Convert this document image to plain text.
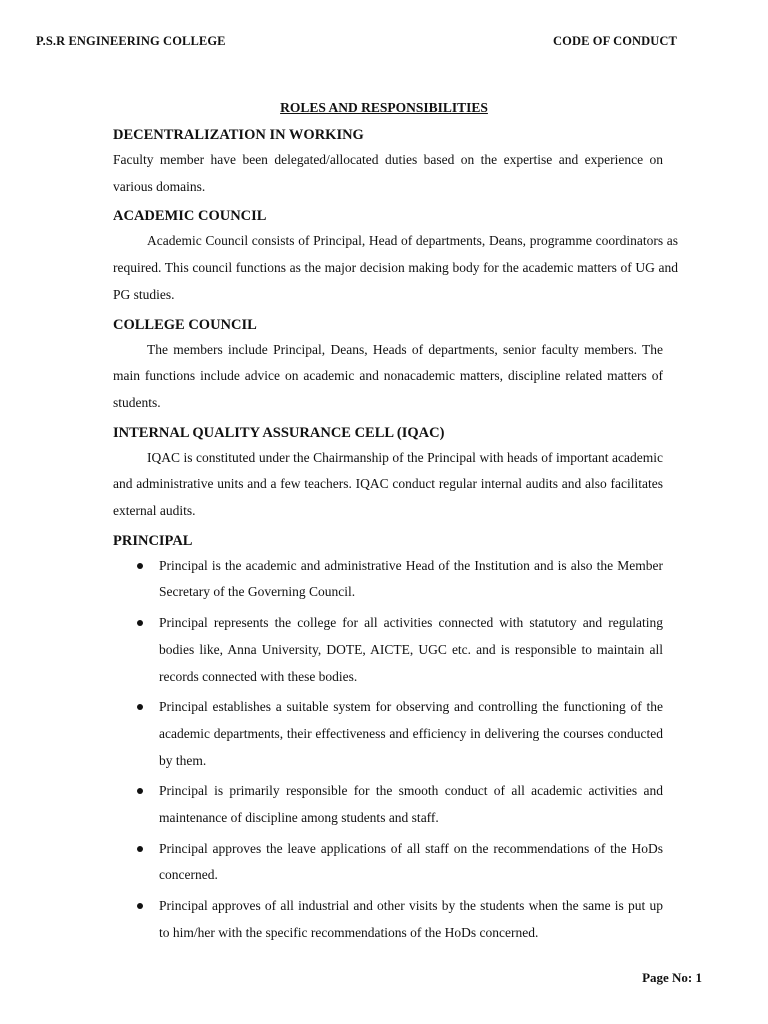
P.S.R ENGINEERING COLLEGE	CODE OF CONDUCT
ROLES AND RESPONSIBILITIES
DECENTRALIZATION IN WORKING

Faculty member have been delegated/allocated duties based on the expertise and experience on various domains.

ACADEMIC COUNCIL

Academic Council consists of Principal, Head of departments, Deans, programme coordinators as required. This council functions as the major decision making body for the academic matters of UG and PG studies.

COLLEGE COUNCIL

The members include Principal, Deans, Heads of departments, senior faculty members. The main functions include advice on academic and nonacademic matters, discipline related matters of students.

INTERNAL QUALITY ASSURANCE CELL (IQAC)

IQAC is constituted under the Chairmanship of the Principal with heads of important academic and administrative units and a few teachers. IQAC conduct regular internal audits and also facilitates external audits.

PRINCIPAL
Principal is the academic and administrative Head of the Institution and is also the Member Secretary of the Governing Council.
Principal represents the college for all activities connected with statutory and regulating bodies like, Anna University, DOTE, AICTE, UGC etc. and is responsible to maintain all records connected with these bodies.
Principal establishes a suitable system for observing and controlling the functioning of the academic departments, their effectiveness and efficiency in delivering the courses conducted by them.
Principal is primarily responsible for the smooth conduct of all academic activities and maintenance of discipline among students and staff.
Principal approves the leave applications of all staff on the recommendations of the HoDs concerned.
Principal approves of all industrial and other visits by the students when the same is put up to him/her with the specific recommendations of the HoDs concerned.
Page No: 1
